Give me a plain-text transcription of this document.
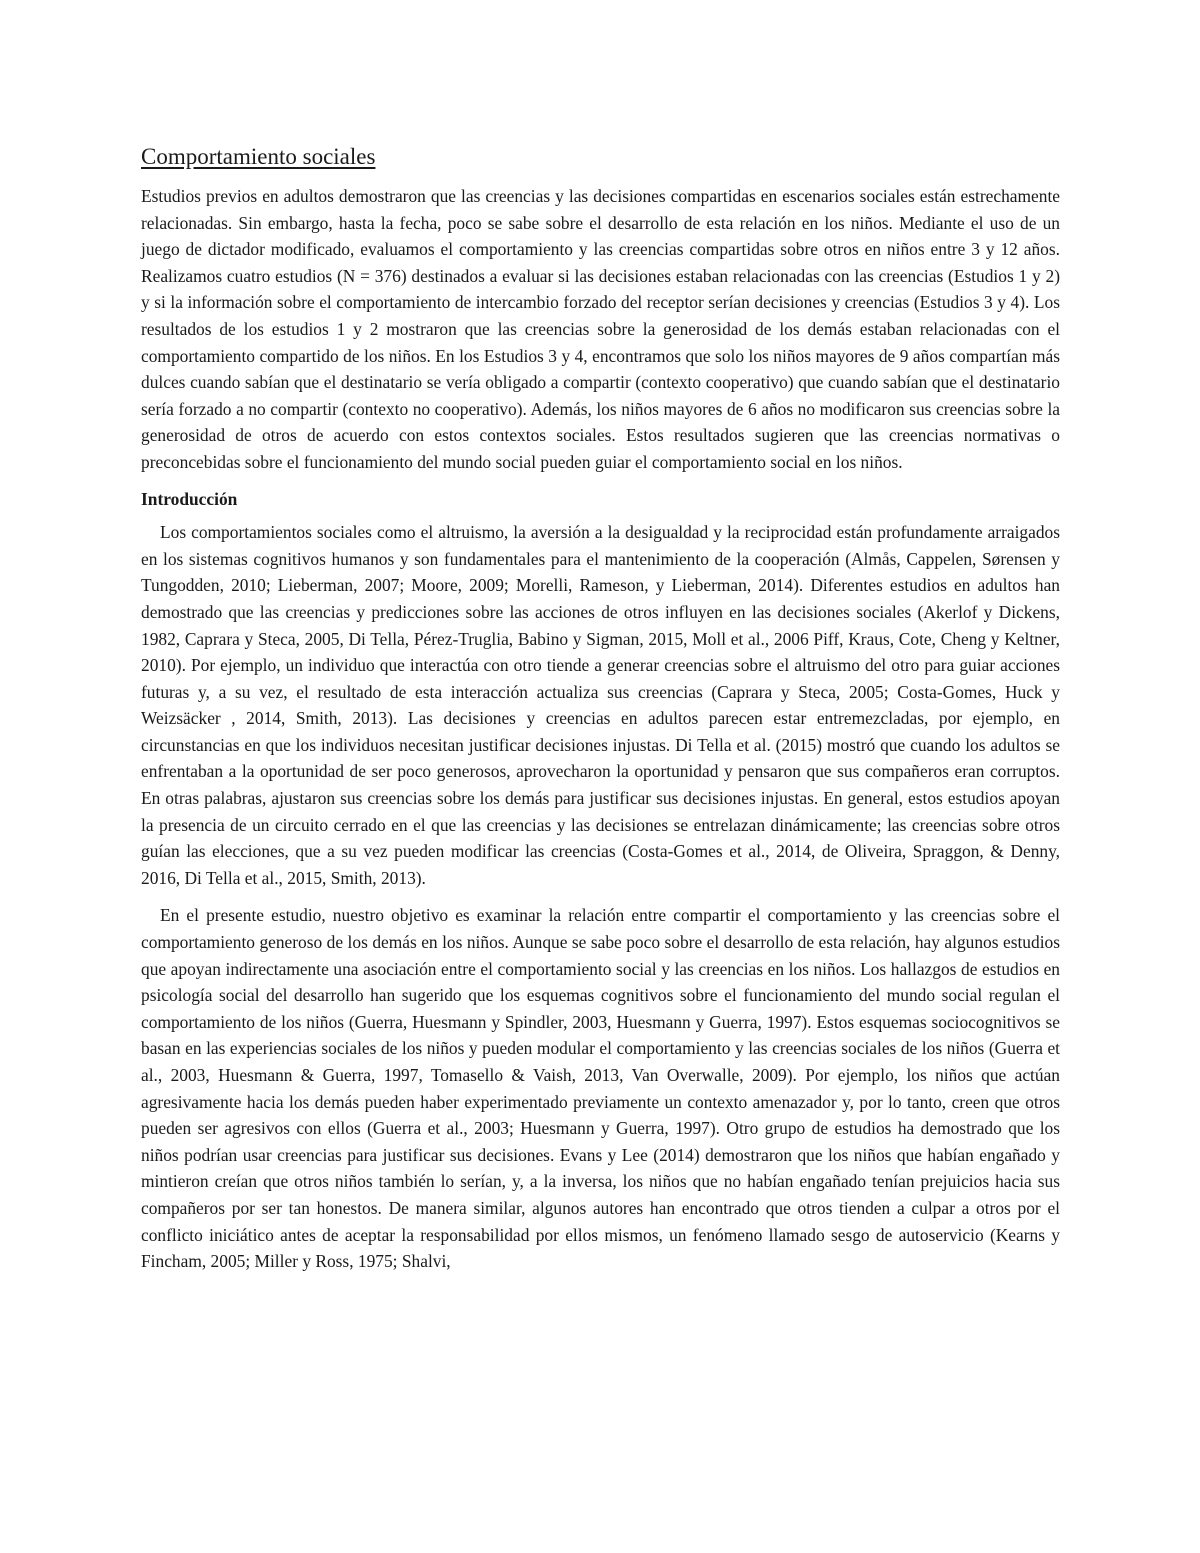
Comportamiento sociales

Estudios previos en adultos demostraron que las creencias y las decisiones compartidas en escenarios sociales están estrechamente relacionadas. Sin embargo, hasta la fecha, poco se sabe sobre el desarrollo de esta relación en los niños. Mediante el uso de un juego de dictador modificado, evaluamos el comportamiento y las creencias compartidas sobre otros en niños entre 3 y 12 años. Realizamos cuatro estudios (N = 376) destinados a evaluar si las decisiones estaban relacionadas con las creencias (Estudios 1 y 2) y si la información sobre el comportamiento de intercambio forzado del receptor serían decisiones y creencias (Estudios 3 y 4). Los resultados de los estudios 1 y 2 mostraron que las creencias sobre la generosidad de los demás estaban relacionadas con el comportamiento compartido de los niños. En los Estudios 3 y 4, encontramos que solo los niños mayores de 9 años compartían más dulces cuando sabían que el destinatario se vería obligado a compartir (contexto cooperativo) que cuando sabían que el destinatario sería forzado a no compartir (contexto no cooperativo). Además, los niños mayores de 6 años no modificaron sus creencias sobre la generosidad de otros de acuerdo con estos contextos sociales. Estos resultados sugieren que las creencias normativas o preconcebidas sobre el funcionamiento del mundo social pueden guiar el comportamiento social en los niños.

Introducción

Los comportamientos sociales como el altruismo, la aversión a la desigualdad y la reciprocidad están profundamente arraigados en los sistemas cognitivos humanos y son fundamentales para el mantenimiento de la cooperación (Almås, Cappelen, Sørensen y Tungodden, 2010; Lieberman, 2007; Moore, 2009; Morelli, Rameson, y Lieberman, 2014). Diferentes estudios en adultos han demostrado que las creencias y predicciones sobre las acciones de otros influyen en las decisiones sociales (Akerlof y Dickens, 1982, Caprara y Steca, 2005, Di Tella, Pérez-Truglia, Babino y Sigman, 2015, Moll et al., 2006 Piff, Kraus, Cote, Cheng y Keltner, 2010). Por ejemplo, un individuo que interactúa con otro tiende a generar creencias sobre el altruismo del otro para guiar acciones futuras y, a su vez, el resultado de esta interacción actualiza sus creencias (Caprara y Steca, 2005; Costa-Gomes, Huck y Weizsäcker , 2014, Smith, 2013). Las decisiones y creencias en adultos parecen estar entremezcladas, por ejemplo, en circunstancias en que los individuos necesitan justificar decisiones injustas. Di Tella et al. (2015) mostró que cuando los adultos se enfrentaban a la oportunidad de ser poco generosos, aprovecharon la oportunidad y pensaron que sus compañeros eran corruptos. En otras palabras, ajustaron sus creencias sobre los demás para justificar sus decisiones injustas. En general, estos estudios apoyan la presencia de un circuito cerrado en el que las creencias y las decisiones se entrelazan dinámicamente; las creencias sobre otros guían las elecciones, que a su vez pueden modificar las creencias (Costa-Gomes et al., 2014, de Oliveira, Spraggon, & Denny, 2016, Di Tella et al., 2015, Smith, 2013).

En el presente estudio, nuestro objetivo es examinar la relación entre compartir el comportamiento y las creencias sobre el comportamiento generoso de los demás en los niños. Aunque se sabe poco sobre el desarrollo de esta relación, hay algunos estudios que apoyan indirectamente una asociación entre el comportamiento social y las creencias en los niños. Los hallazgos de estudios en psicología social del desarrollo han sugerido que los esquemas cognitivos sobre el funcionamiento del mundo social regulan el comportamiento de los niños (Guerra, Huesmann y Spindler, 2003, Huesmann y Guerra, 1997). Estos esquemas sociocognitivos se basan en las experiencias sociales de los niños y pueden modular el comportamiento y las creencias sociales de los niños (Guerra et al., 2003, Huesmann & Guerra, 1997, Tomasello & Vaish, 2013, Van Overwalle, 2009). Por ejemplo, los niños que actúan agresivamente hacia los demás pueden haber experimentado previamente un contexto amenazador y, por lo tanto, creen que otros pueden ser agresivos con ellos (Guerra et al., 2003; Huesmann y Guerra, 1997). Otro grupo de estudios ha demostrado que los niños podrían usar creencias para justificar sus decisiones. Evans y Lee (2014) demostraron que los niños que habían engañado y mintieron creían que otros niños también lo serían, y, a la inversa, los niños que no habían engañado tenían prejuicios hacia sus compañeros por ser tan honestos. De manera similar, algunos autores han encontrado que otros tienden a culpar a otros por el conflicto iniciático antes de aceptar la responsabilidad por ellos mismos, un fenómeno llamado sesgo de autoservicio (Kearns y Fincham, 2005; Miller y Ross, 1975; Shalvi,
